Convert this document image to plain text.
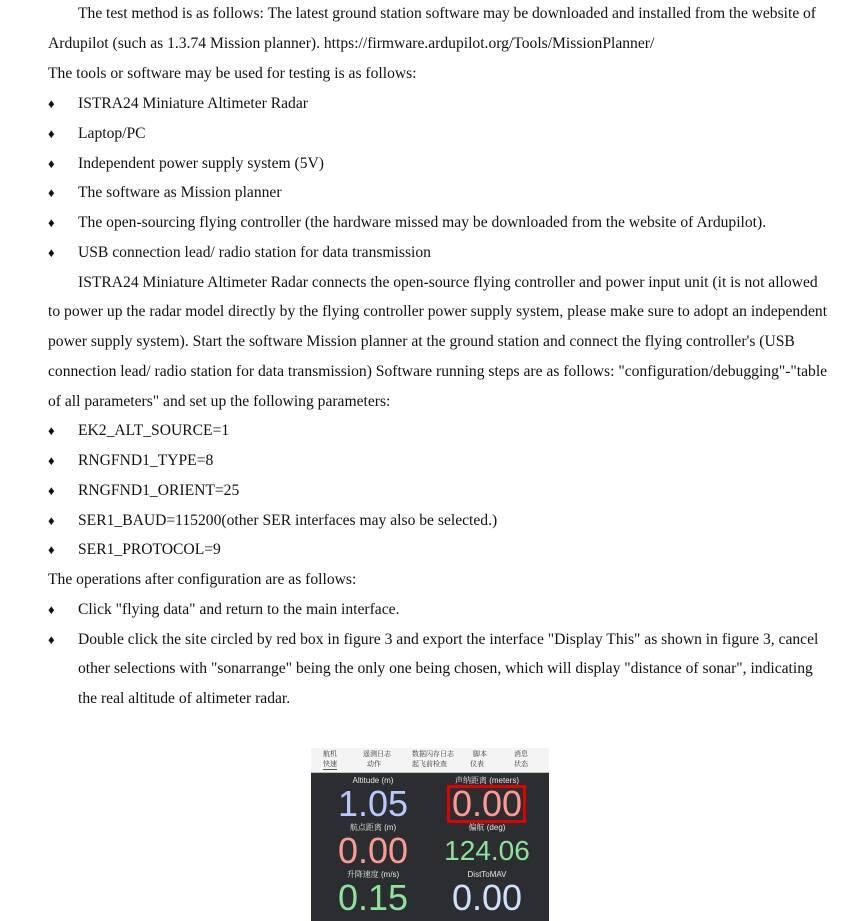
The test method is as follows: The latest ground station software may be downloaded and installed from the website of
Ardupilot (such as 1.3.74 Mission planner). https://firmware.ardupilot.org/Tools/MissionPlanner/
The tools or software may be used for testing is as follows:
♦ ISTRA24 Miniature Altimeter Radar
♦ Laptop/PC
♦ Independent power supply system (5V)
♦ The software as Mission planner
♦ The open-sourcing flying controller (the hardware missed may be downloaded from the website of Ardupilot).
♦ USB connection lead/ radio station for data transmission
ISTRA24 Miniature Altimeter Radar connects the open-source flying controller and power input unit (it is not allowed
to power up the radar model directly by the flying controller power supply system, please make sure to adopt an independent
power supply system). Start the software Mission planner at the ground station and connect the flying controller's (USB
connection lead/ radio station for data transmission) Software running steps are as follows: "configuration/debugging"-"table
of all parameters" and set up the following parameters:
♦ EK2_ALT_SOURCE=1
♦ RNGFND1_TYPE=8
♦ RNGFND1_ORIENT=25
♦ SER1_BAUD=115200(other SER interfaces may also be selected.)
♦ SER1_PROTOCOL=9
The operations after configuration are as follows:
♦ Click "flying data" and return to the main interface.
♦ Double click the site circled by red box in figure 3 and export the interface "Display This" as shown in figure 3, cancel
other selections with "sonarrange" being the only one being chosen, which will display "distance of sonar", indicating
the real altitude of altimeter radar.
航机	遥测日志	数据闪存日志	脚本	消息
快速	动作	起飞前检查	仪表	状态
Altitude (m)
1.05
声纳距离 (meters)
0.00
航点距离 (m)
0.00
偏航 (deg)
124.06
升降速度 (m/s)
0.15
DistToMAV
0.00
